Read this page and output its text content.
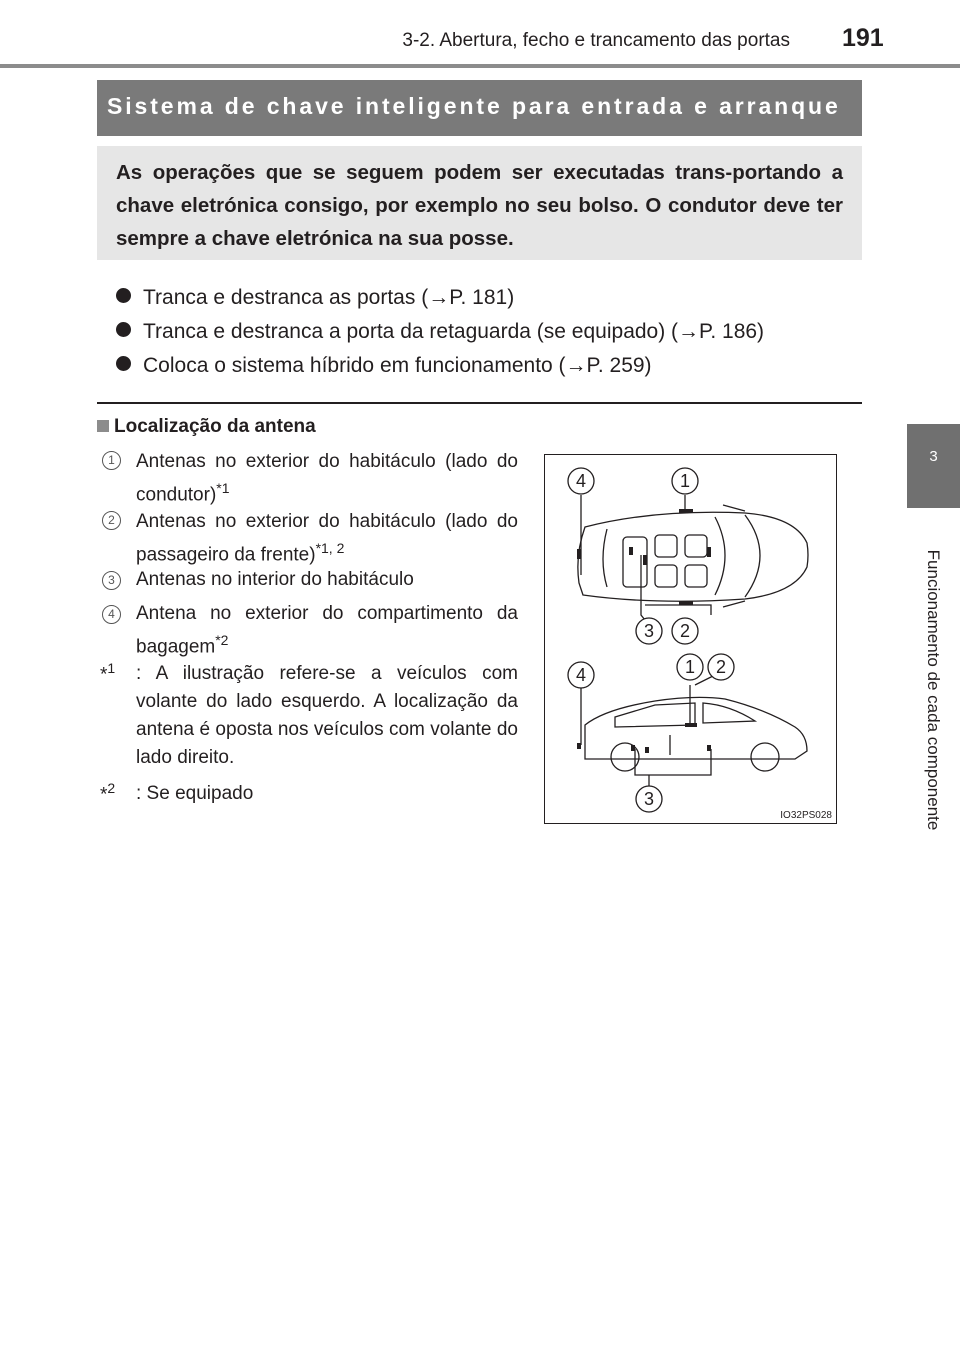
3-2. Abertura, fecho e trancamento das portas 191
3
Funcionamento de cada componente
Sistema de chave inteligente para entrada e arranque

As operações que se seguem podem ser executadas trans-portando a chave eletrónica consigo, por exemplo no seu bolso. O condutor deve ter sempre a chave eletrónica na sua posse.

Tranca e destranca as portas (→P. 181)
Tranca e destranca a porta da retaguarda (se equipado) (→P. 186)
Coloca o sistema híbrido em funcionamento (→P. 259)
Localização da antena
1	Antenas no exterior do habitáculo (lado do condutor)$^{*1}$
2	Antenas no exterior do habitáculo (lado do passageiro da frente)$^{*1, 2}$
3	Antenas no interior do habitáculo
4	Antena no exterior do compartimento da bagagem$^{*2}$
*$^1$ : A ilustração refere-se a veículos com volante do lado esquerdo. A localização da antena é oposta nos veículos com volante do lado direito.
*$^2$ : Se equipado
4	1
3 2
4	1 2
3
IO32PS028
